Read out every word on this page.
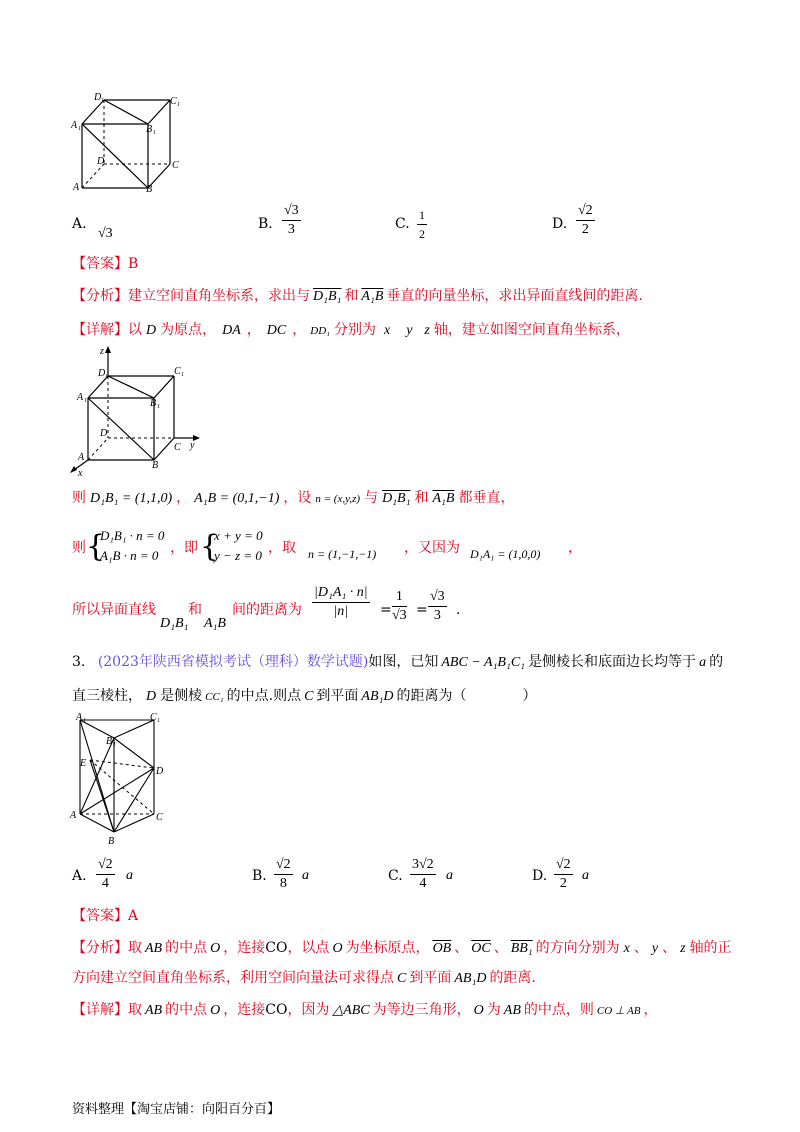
D 1	C 1
A 1	B 1
D	C
A	B
A.
√3
B. $\frac{√3}{3}$	C. $\frac{1}{2}$	D. $\frac{√2}{2}$
【答案】B
【分析】建立空间直角坐标系，求出与 D₁B₁ 和 A₁B 垂直的向量坐标，求出异面直线间的距离.
【详解】以 D 为原点， DA ， DC ， DD₁ 分别为 x y z 轴，建立如图空间直角坐标系，
z
y
x
D 1	C 1
A 1	B 1
D
C
A
B
则 D₁B₁ = (1,1,0) ， A₁B = (0,1,−1) ，设 n = (x,y,z) 与 D₁B₁ 和 A₁B 都垂直，
则 {
D₁B₁ · n = 0
A₁B · n = 0 ，即 {
x + y = 0
y − z = 0 ，取 n = (1,−1,−1) ，又因为 D₁A₁ = (1,0,0) ，
所以异面直线
D₁B₁
和
A₁B
间的距离为 $\frac{\text{|D₁A₁ · n|}}{|n|} = \frac{1}{√3} = \frac{√3}{3}$ .
3. (2023年陕西省模拟考试（理科）数学试题)如图，已知 ABC − A₁B₁C₁ 是侧棱长和底面边长均等于 a 的
直三棱柱， D 是侧棱 CC₁ 的中点.则点 C 到平面 AB₁D 的距离为（　　　　）
A 1	C 1
B 1
D
E
C
A
B
A. $\frac{√2}{4}$ a	B. $\frac{√2}{8}$ a	C. $\frac{3√2}{4}$ a	D. $\frac{√2}{2}$ a
【答案】A
【分析】取 AB 的中点 O ，连接CO，以点 O 为坐标原点， $\overline{OB}$ 、 $\overline{OC}$ 、 BB₁ 的方向分别为 x 、 y 、 z 轴的正
方向建立空间直角坐标系，利用空间向量法可求得点 C 到平面 AB₁D 的距离.
【详解】取 AB 的中点 O ，连接CO，因为 △ABC 为等边三角形， O 为 AB 的中点，则 CO ⊥ AB ，
资料整理【淘宝店铺：向阳百分百】
